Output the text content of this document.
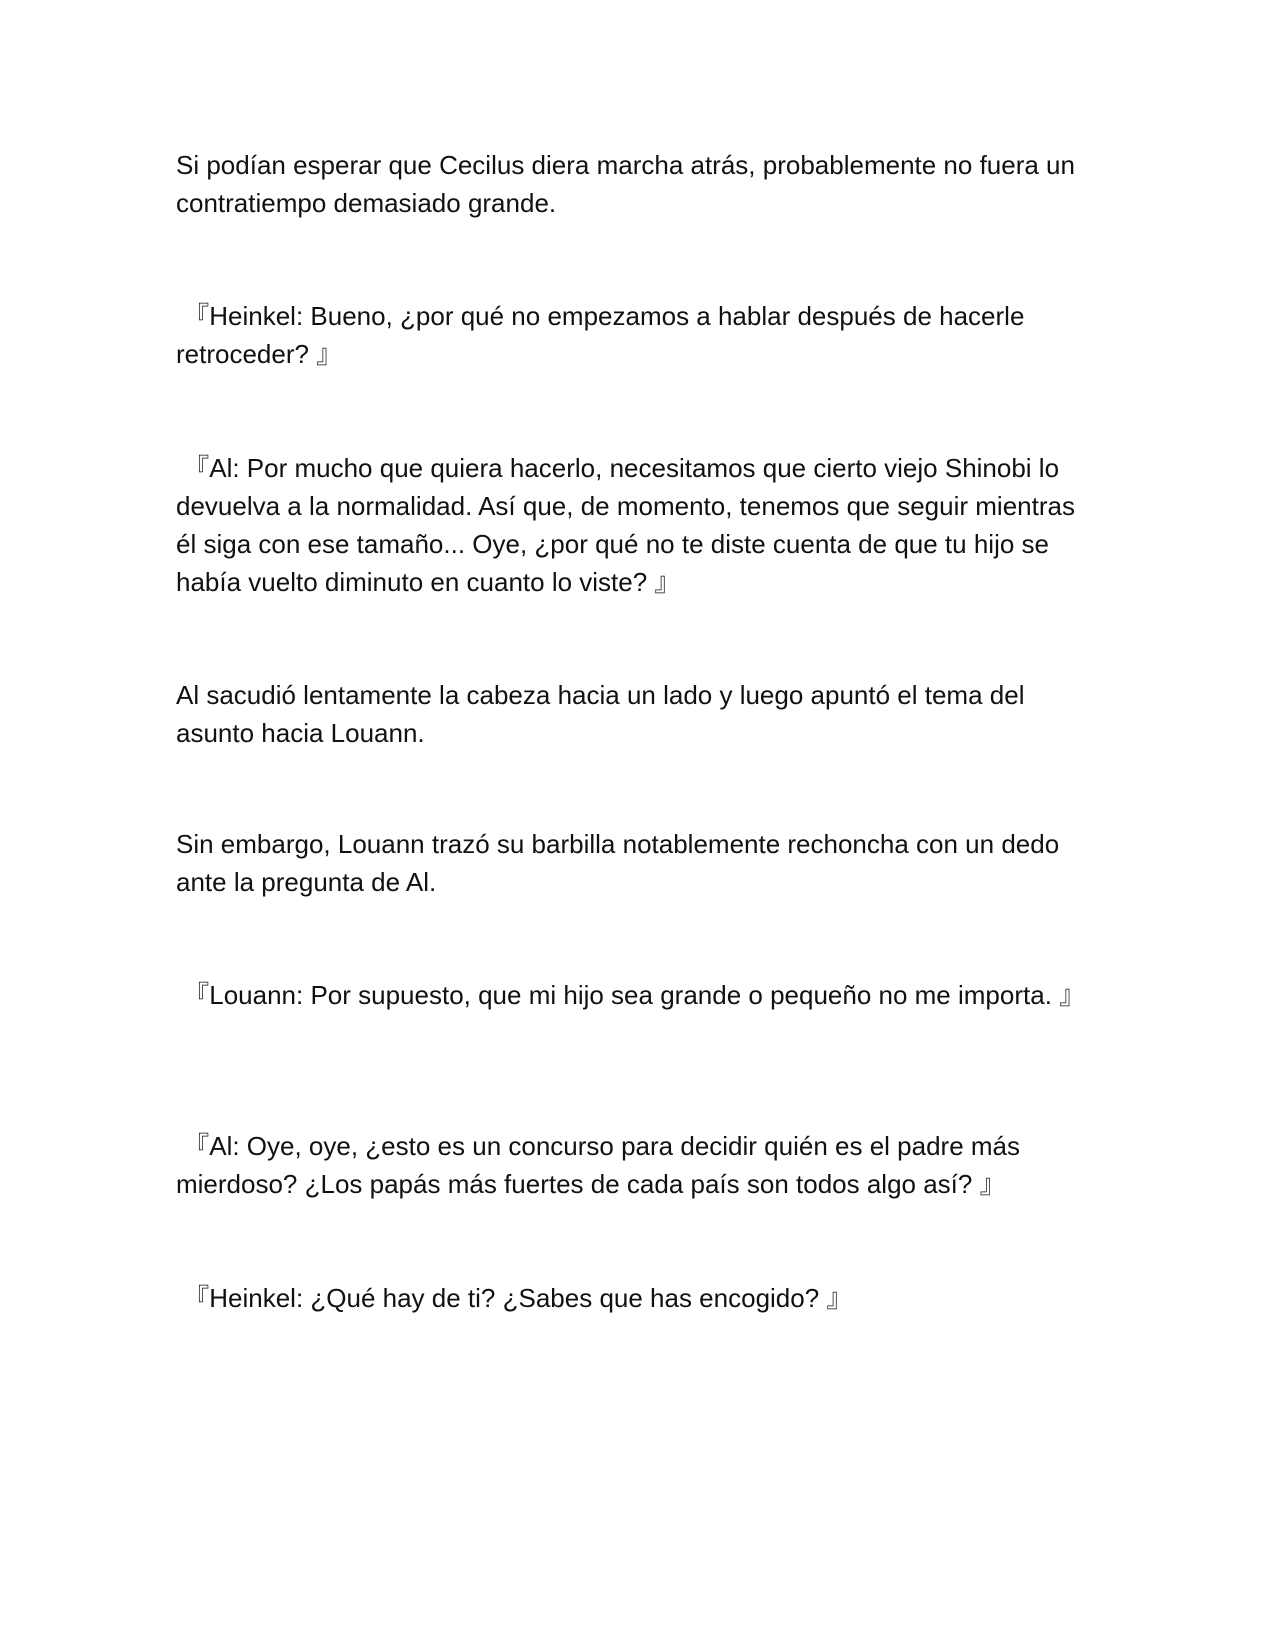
Si podían esperar que Cecilus diera marcha atrás, probablemente no fuera un contratiempo demasiado grande.

『Heinkel: Bueno, ¿por qué no empezamos a hablar después de hacerle retroceder? 』

『Al: Por mucho que quiera hacerlo, necesitamos que cierto viejo Shinobi lo devuelva a la normalidad. Así que, de momento, tenemos que seguir mientras él siga con ese tamaño... Oye, ¿por qué no te diste cuenta de que tu hijo se había vuelto diminuto en cuanto lo viste? 』

Al sacudió lentamente la cabeza hacia un lado y luego apuntó el tema del asunto hacia Louann.

Sin embargo, Louann trazó su barbilla notablemente rechoncha con un dedo ante la pregunta de Al.

『Louann: Por supuesto, que mi hijo sea grande o pequeño no me importa. 』

『Al: Oye, oye, ¿esto es un concurso para decidir quién es el padre más mierdoso? ¿Los papás más fuertes de cada país son todos algo así? 』

『Heinkel: ¿Qué hay de ti? ¿Sabes que has encogido? 』
